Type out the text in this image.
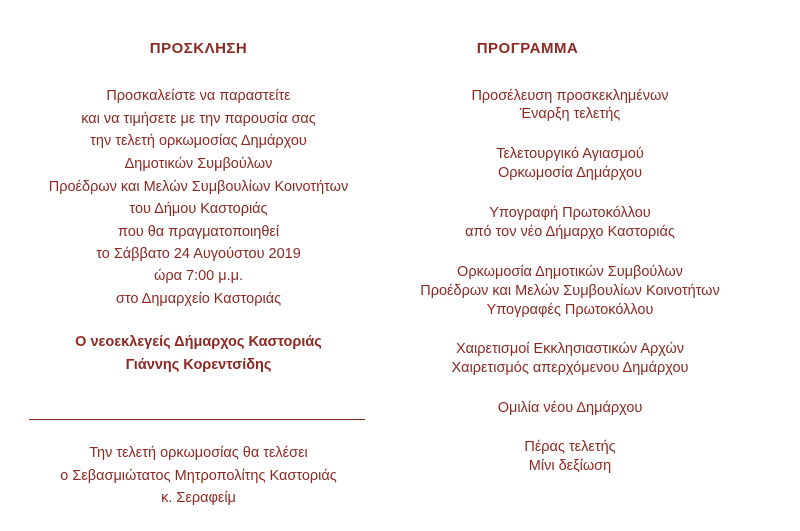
ΠΡΟΣΚΛΗΣΗ
Προσκαλείστε να παραστείτε
και να τιμήσετε με την παρουσία σας
την τελετή ορκωμοσίας Δημάρχου
Δημοτικών Συμβούλων
Προέδρων και Μελών Συμβουλίων Κοινοτήτων
του Δήμου Καστοριάς
που θα πραγματοποιηθεί
το Σάββατο 24 Αυγούστου 2019
ώρα 7:00 μ.μ.
στο Δημαρχείο Καστοριάς
Ο νεοεκλεγείς Δήμαρχος Καστοριάς
Γιάννης Κορεντσίδης
Την τελετή ορκωμοσίας θα τελέσει
ο Σεβασμιώτατος Μητροπολίτης Καστοριάς
κ. Σεραφείμ
ΠΡΟΓΡΑΜΜΑ
Προσέλευση προσκεκλημένων
Έναρξη τελετής
Τελετουργικό Αγιασμού
Ορκωμοσία Δημάρχου
Υπογραφή Πρωτοκόλλου
από τον νέο Δήμαρχο Καστοριάς
Ορκωμοσία Δημοτικών Συμβούλων
Προέδρων και Μελών Συμβουλίων Κοινοτήτων
Υπογραφές Πρωτοκόλλου
Χαιρετισμοί Εκκλησιαστικών Αρχών
Χαιρετισμός απερχόμενου Δημάρχου
Ομιλία νέου Δημάρχου
Πέρας τελετής
Μίνι δεξίωση
